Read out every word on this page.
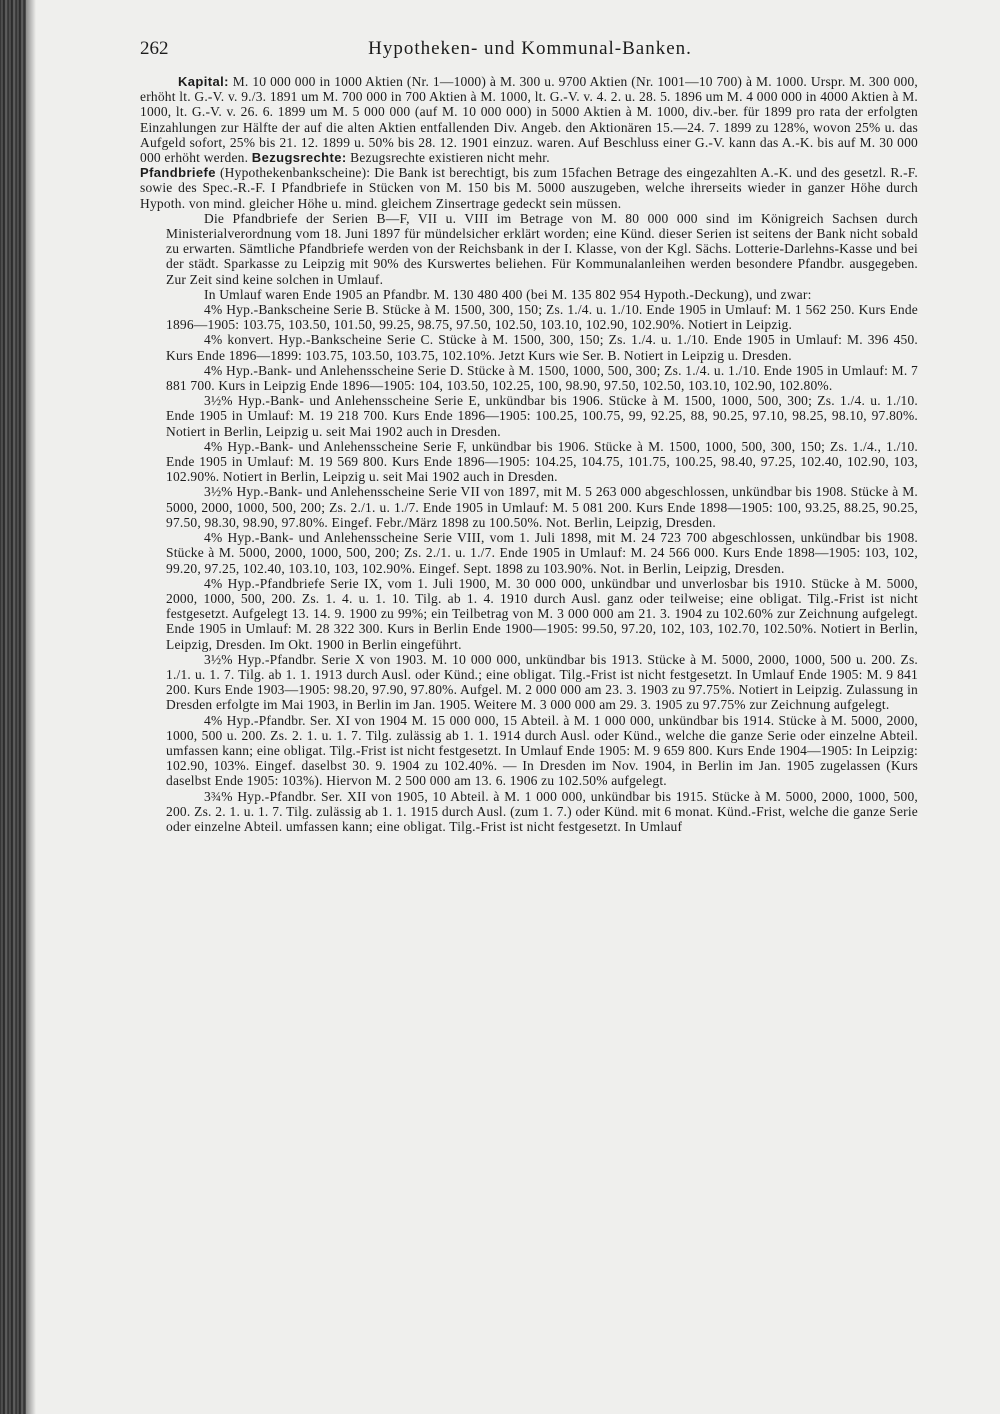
262	Hypotheken- und Kommunal-Banken.

Kapital: M. 10 000 000 in 1000 Aktien (Nr. 1—1000) à M. 300 u. 9700 Aktien (Nr. 1001—10 700) à M. 1000. Urspr. M. 300 000, erhöht lt. G.-V. v. 9./3. 1891 um M. 700 000 in 700 Aktien à M. 1000, lt. G.-V. v. 4. 2. u. 28. 5. 1896 um M. 4 000 000 in 4000 Aktien à M. 1000, lt. G.-V. v. 26. 6. 1899 um M. 5 000 000 (auf M. 10 000 000) in 5000 Aktien à M. 1000, div.-ber. für 1899 pro rata der erfolgten Einzahlungen zur Hälfte der auf die alten Aktien entfallenden Div. Angeb. den Aktionären 15.—24. 7. 1899 zu 128%, wovon 25% u. das Aufgeld sofort, 25% bis 21. 12. 1899 u. 50% bis 28. 12. 1901 einzuz. waren. Auf Beschluss einer G.-V. kann das A.-K. bis auf M. 30 000 000 erhöht werden. Bezugsrechte: Bezugsrechte existieren nicht mehr.

Pfandbriefe (Hypothekenbankscheine): Die Bank ist berechtigt, bis zum 15fachen Betrage des eingezahlten A.-K. und des gesetzl. R.-F. sowie des Spec.-R.-F. I Pfandbriefe in Stücken von M. 150 bis M. 5000 auszugeben, welche ihrerseits wieder in ganzer Höhe durch Hypoth. von mind. gleicher Höhe u. mind. gleichem Zinsertrage gedeckt sein müssen.

Die Pfandbriefe der Serien B—F, VII u. VIII im Betrage von M. 80 000 000 sind im Königreich Sachsen durch Ministerialverordnung vom 18. Juni 1897 für mündelsicher erklärt worden; eine Künd. dieser Serien ist seitens der Bank nicht sobald zu erwarten. Sämtliche Pfandbriefe werden von der Reichsbank in der I. Klasse, von der Kgl. Sächs. Lotterie-Darlehns-Kasse und bei der städt. Sparkasse zu Leipzig mit 90% des Kurswertes beliehen. Für Kommunalanleihen werden besondere Pfandbr. ausgegeben. Zur Zeit sind keine solchen in Umlauf.

In Umlauf waren Ende 1905 an Pfandbr. M. 130 480 400 (bei M. 135 802 954 Hypoth.-Deckung), und zwar:

4% Hyp.-Bankscheine Serie B. Stücke à M. 1500, 300, 150; Zs. 1./4. u. 1./10. Ende 1905 in Umlauf: M. 1 562 250. Kurs Ende 1896—1905: 103.75, 103.50, 101.50, 99.25, 98.75, 97.50, 102.50, 103.10, 102.90, 102.90%. Notiert in Leipzig.

4% konvert. Hyp.-Bankscheine Serie C. Stücke à M. 1500, 300, 150; Zs. 1./4. u. 1./10. Ende 1905 in Umlauf: M. 396 450. Kurs Ende 1896—1899: 103.75, 103.50, 103.75, 102.10%. Jetzt Kurs wie Ser. B. Notiert in Leipzig u. Dresden.

4% Hyp.-Bank- und Anlehensscheine Serie D. Stücke à M. 1500, 1000, 500, 300; Zs. 1./4. u. 1./10. Ende 1905 in Umlauf: M. 7 881 700. Kurs in Leipzig Ende 1896—1905: 104, 103.50, 102.25, 100, 98.90, 97.50, 102.50, 103.10, 102.90, 102.80%.

3½% Hyp.-Bank- und Anlehensscheine Serie E, unkündbar bis 1906. Stücke à M. 1500, 1000, 500, 300; Zs. 1./4. u. 1./10. Ende 1905 in Umlauf: M. 19 218 700. Kurs Ende 1896—1905: 100.25, 100.75, 99, 92.25, 88, 90.25, 97.10, 98.25, 98.10, 97.80%. Notiert in Berlin, Leipzig u. seit Mai 1902 auch in Dresden.

4% Hyp.-Bank- und Anlehensscheine Serie F, unkündbar bis 1906. Stücke à M. 1500, 1000, 500, 300, 150; Zs. 1./4., 1./10. Ende 1905 in Umlauf: M. 19 569 800. Kurs Ende 1896—1905: 104.25, 104.75, 101.75, 100.25, 98.40, 97.25, 102.40, 102.90, 103, 102.90%. Notiert in Berlin, Leipzig u. seit Mai 1902 auch in Dresden.

3½% Hyp.-Bank- und Anlehensscheine Serie VII von 1897, mit M. 5 263 000 abgeschlossen, unkündbar bis 1908. Stücke à M. 5000, 2000, 1000, 500, 200; Zs. 2./1. u. 1./7. Ende 1905 in Umlauf: M. 5 081 200. Kurs Ende 1898—1905: 100, 93.25, 88.25, 90.25, 97.50, 98.30, 98.90, 97.80%. Eingef. Febr./März 1898 zu 100.50%. Not. Berlin, Leipzig, Dresden.

4% Hyp.-Bank- und Anlehensscheine Serie VIII, vom 1. Juli 1898, mit M. 24 723 700 abgeschlossen, unkündbar bis 1908. Stücke à M. 5000, 2000, 1000, 500, 200; Zs. 2./1. u. 1./7. Ende 1905 in Umlauf: M. 24 566 000. Kurs Ende 1898—1905: 103, 102, 99.20, 97.25, 102.40, 103.10, 103, 102.90%. Eingef. Sept. 1898 zu 103.90%. Not. in Berlin, Leipzig, Dresden.

4% Hyp.-Pfandbriefe Serie IX, vom 1. Juli 1900, M. 30 000 000, unkündbar und unverlosbar bis 1910. Stücke à M. 5000, 2000, 1000, 500, 200. Zs. 1. 4. u. 1. 10. Tilg. ab 1. 4. 1910 durch Ausl. ganz oder teilweise; eine obligat. Tilg.-Frist ist nicht festgesetzt. Aufgelegt 13. 14. 9. 1900 zu 99%; ein Teilbetrag von M. 3 000 000 am 21. 3. 1904 zu 102.60% zur Zeichnung aufgelegt. Ende 1905 in Umlauf: M. 28 322 300. Kurs in Berlin Ende 1900—1905: 99.50, 97.20, 102, 103, 102.70, 102.50%. Notiert in Berlin, Leipzig, Dresden. Im Okt. 1900 in Berlin eingeführt.

3½% Hyp.-Pfandbr. Serie X von 1903. M. 10 000 000, unkündbar bis 1913. Stücke à M. 5000, 2000, 1000, 500 u. 200. Zs. 1./1. u. 1. 7. Tilg. ab 1. 1. 1913 durch Ausl. oder Künd.; eine obligat. Tilg.-Frist ist nicht festgesetzt. In Umlauf Ende 1905: M. 9 841 200. Kurs Ende 1903—1905: 98.20, 97.90, 97.80%. Aufgel. M. 2 000 000 am 23. 3. 1903 zu 97.75%. Notiert in Leipzig. Zulassung in Dresden erfolgte im Mai 1903, in Berlin im Jan. 1905. Weitere M. 3 000 000 am 29. 3. 1905 zu 97.75% zur Zeichnung aufgelegt.

4% Hyp.-Pfandbr. Ser. XI von 1904 M. 15 000 000, 15 Abteil. à M. 1 000 000, unkündbar bis 1914. Stücke à M. 5000, 2000, 1000, 500 u. 200. Zs. 2. 1. u. 1. 7. Tilg. zulässig ab 1. 1. 1914 durch Ausl. oder Künd., welche die ganze Serie oder einzelne Abteil. umfassen kann; eine obligat. Tilg.-Frist ist nicht festgesetzt. In Umlauf Ende 1905: M. 9 659 800. Kurs Ende 1904—1905: In Leipzig: 102.90, 103%. Eingef. daselbst 30. 9. 1904 zu 102.40%. — In Dresden im Nov. 1904, in Berlin im Jan. 1905 zugelassen (Kurs daselbst Ende 1905: 103%). Hiervon M. 2 500 000 am 13. 6. 1906 zu 102.50% aufgelegt.

3¾% Hyp.-Pfandbr. Ser. XII von 1905, 10 Abteil. à M. 1 000 000, unkündbar bis 1915. Stücke à M. 5000, 2000, 1000, 500, 200. Zs. 2. 1. u. 1. 7. Tilg. zulässig ab 1. 1. 1915 durch Ausl. (zum 1. 7.) oder Künd. mit 6 monat. Künd.-Frist, welche die ganze Serie oder einzelne Abteil. umfassen kann; eine obligat. Tilg.-Frist ist nicht festgesetzt. In Umlauf
